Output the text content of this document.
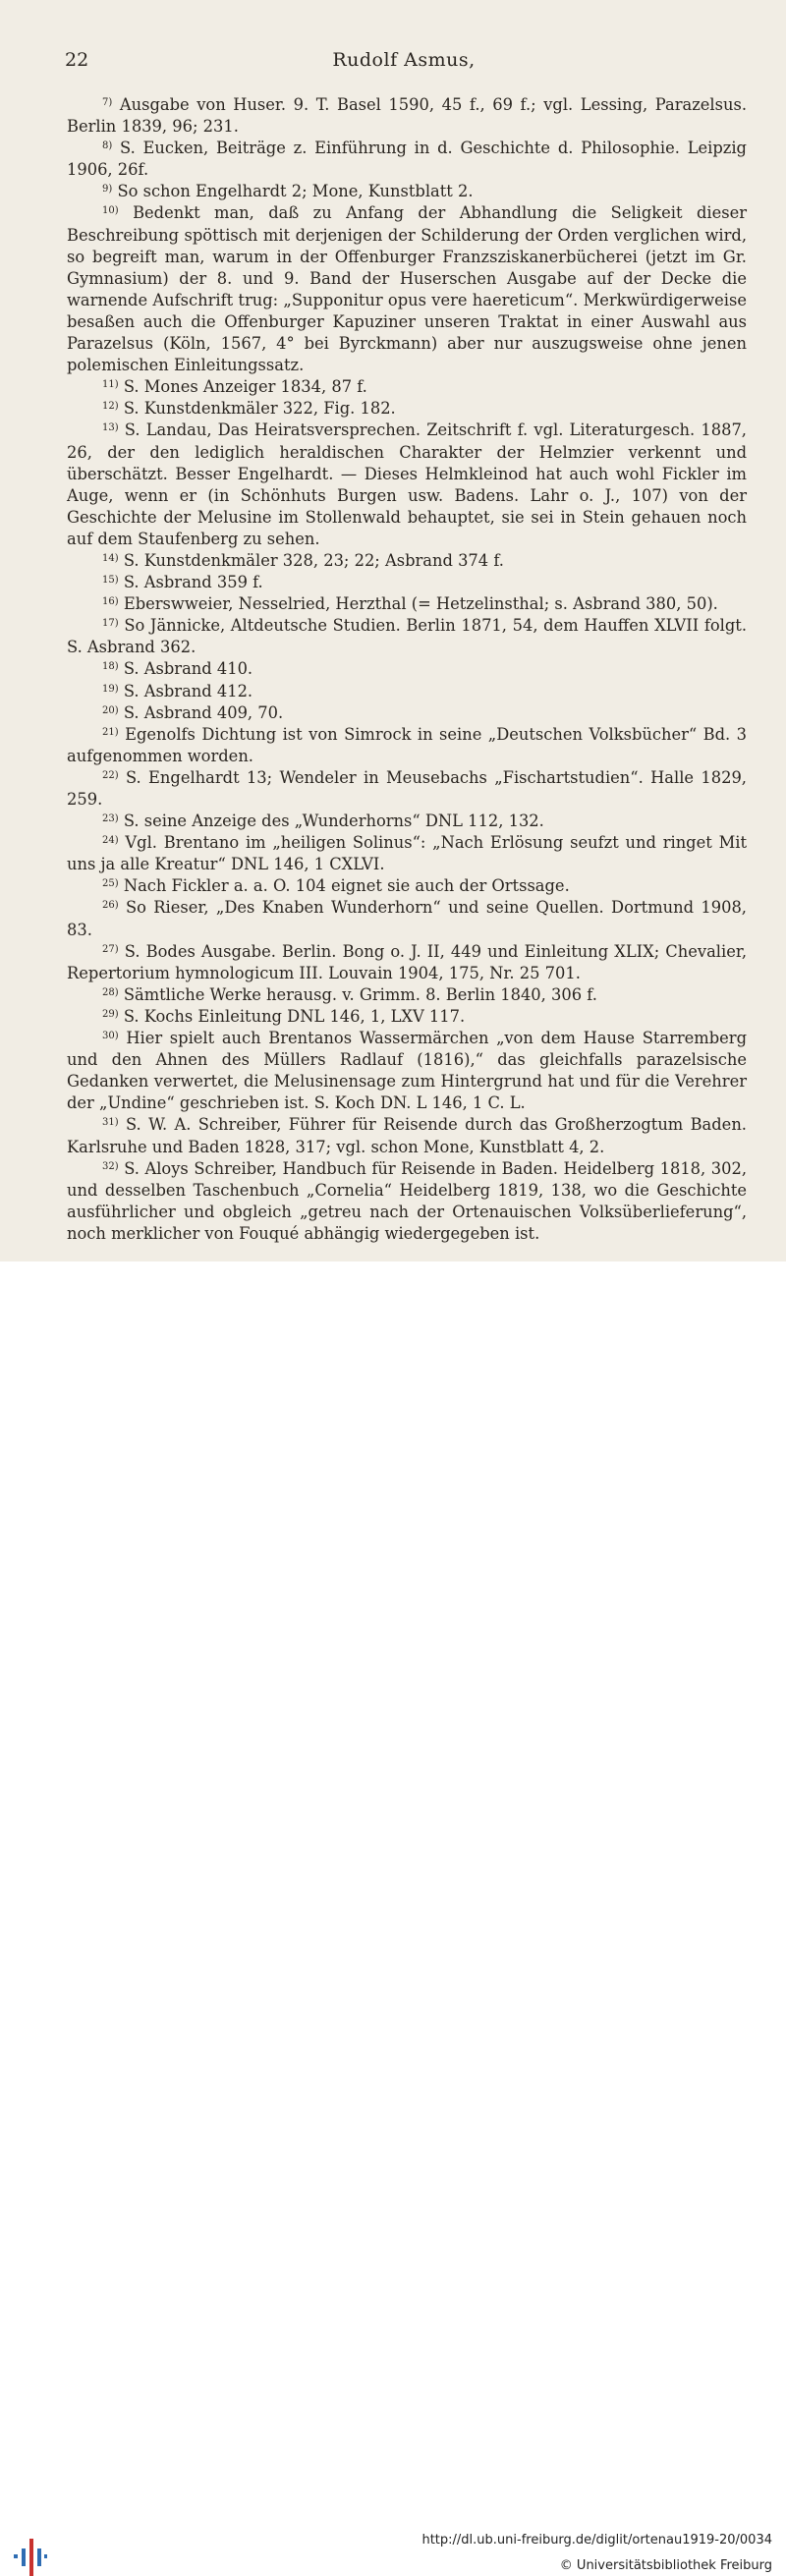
22	Rudolf Asmus,

$^{7)}$ Ausgabe von Huser. 9. T. Basel 1590, 45 f., 69 f.; vgl. Lessing, Parazelsus. Berlin 1839, 96; 231.

$^{8)}$ S. Eucken, Beiträge z. Einführung in d. Geschichte d. Philosophie. Leipzig 1906, 26f.

$^{9)}$ So schon Engelhardt 2; Mone, Kunstblatt 2.

$^{10)}$ Bedenkt man, daß zu Anfang der Abhandlung die Seligkeit dieser Beschreibung spöttisch mit derjenigen der Schilderung der Orden verglichen wird, so begreift man, warum in der Offenburger Franzsziskanerbücherei (jetzt im Gr. Gymnasium) der 8. und 9. Band der Huserschen Ausgabe auf der Decke die warnende Aufschrift trug: „Supponitur opus vere haereticum“. Merkwürdigerweise besaßen auch die Offenburger Kapuziner unseren Traktat in einer Auswahl aus Parazelsus (Köln, 1567, 4° bei Byrckmann) aber nur auszugsweise ohne jenen polemischen Einleitungssatz.

$^{11)}$ S. Mones Anzeiger 1834, 87 f.

$^{12)}$ S. Kunstdenkmäler 322, Fig. 182.

$^{13)}$ S. Landau, Das Heiratsversprechen. Zeitschrift f. vgl. Literaturgesch. 1887, 26, der den lediglich heraldischen Charakter der Helmzier verkennt und überschätzt. Besser Engelhardt. — Dieses Helmkleinod hat auch wohl Fickler im Auge, wenn er (in Schönhuts Burgen usw. Badens. Lahr o. J., 107) von der Geschichte der Melusine im Stollenwald behauptet, sie sei in Stein gehauen noch auf dem Staufenberg zu sehen.

$^{14)}$ S. Kunstdenkmäler 328, 23; 22; Asbrand 374 f.

$^{15)}$ S. Asbrand 359 f.

$^{16)}$ Eberswweier, Nesselried, Herzthal (= Hetzelinsthal; s. Asbrand 380, 50).

$^{17)}$ So Jännicke, Altdeutsche Studien. Berlin 1871, 54, dem Hauffen XLVII folgt. S. Asbrand 362.

$^{18)}$ S. Asbrand 410.

$^{19)}$ S. Asbrand 412.

$^{20)}$ S. Asbrand 409, 70.

$^{21)}$ Egenolfs Dichtung ist von Simrock in seine „Deutschen Volksbücher“ Bd. 3 aufgenommen worden.

$^{22)}$ S. Engelhardt 13; Wendeler in Meusebachs „Fischartstudien“. Halle 1829, 259.

$^{23)}$ S. seine Anzeige des „Wunderhorns“ DNL 112, 132.

$^{24)}$ Vgl. Brentano im „heiligen Solinus“: „Nach Erlösung seufzt und ringet Mit uns ja alle Kreatur“ DNL 146, 1 CXLVI.

$^{25)}$ Nach Fickler a. a. O. 104 eignet sie auch der Ortssage.

$^{26)}$ So Rieser, „Des Knaben Wunderhorn“ und seine Quellen. Dortmund 1908, 83.

$^{27)}$ S. Bodes Ausgabe. Berlin. Bong o. J. II, 449 und Einleitung XLIX; Chevalier, Repertorium hymnologicum III. Louvain 1904, 175, Nr. 25 701.

$^{28)}$ Sämtliche Werke herausg. v. Grimm. 8. Berlin 1840, 306 f.

$^{29)}$ S. Kochs Einleitung DNL 146, 1, LXV 117.

$^{30)}$ Hier spielt auch Brentanos Wassermärchen „von dem Hause Starremberg und den Ahnen des Müllers Radlauf (1816),“ das gleichfalls parazelsische Gedanken verwertet, die Melusinensage zum Hintergrund hat und für die Verehrer der „Undine“ geschrieben ist. S. Koch DN. L 146, 1 C. L.

$^{31)}$ S. W. A. Schreiber, Führer für Reisende durch das Großherzogtum Baden. Karlsruhe und Baden 1828, 317; vgl. schon Mone, Kunstblatt 4, 2.

$^{32)}$ S. Aloys Schreiber, Handbuch für Reisende in Baden. Heidelberg 1818, 302, und desselben Taschenbuch „Cornelia“ Heidelberg 1819, 138, wo die Geschichte ausführlicher und obgleich „getreu nach der Ortenauischen Volksüberlieferung“, noch merklicher von Fouqué abhängig wiedergegeben ist.

http://dl.ub.uni-freiburg.de/diglit/ortenau1919-20/0034
© Universitätsbibliothek Freiburg
